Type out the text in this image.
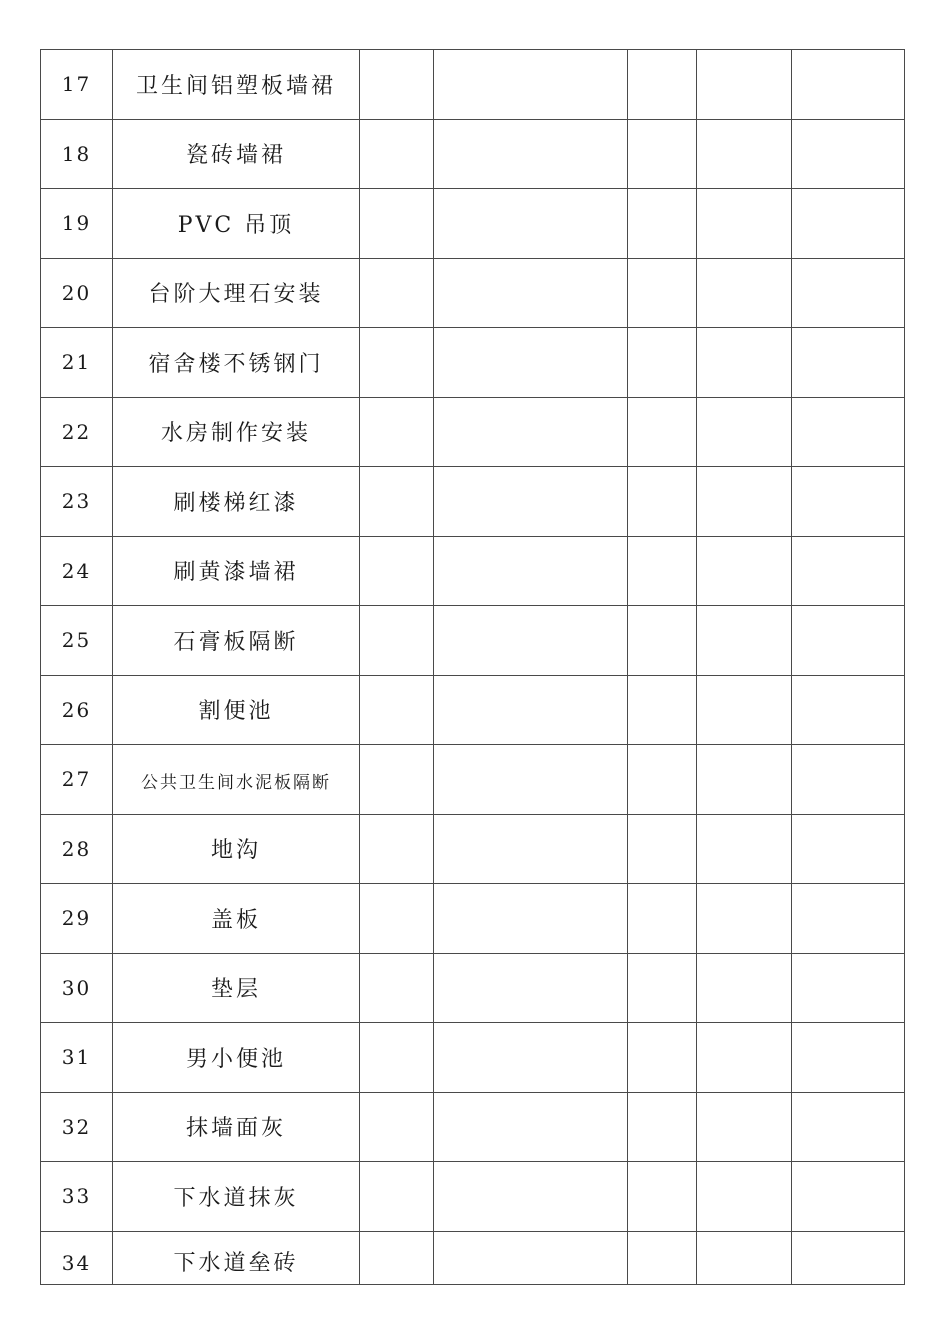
17	卫生间铝塑板墙裙					
18	瓷砖墙裙					
19	PVC 吊顶					
20	台阶大理石安装					
21	宿舍楼不锈钢门					
22	水房制作安装					
23	刷楼梯红漆					
24	刷黄漆墙裙					
25	石膏板隔断					
26	割便池					
27	公共卫生间水泥板隔断					
28	地沟					
29	盖板					
30	垫层					
31	男小便池					
32	抹墙面灰					
33	下水道抹灰					
34	下水道垒砖					
